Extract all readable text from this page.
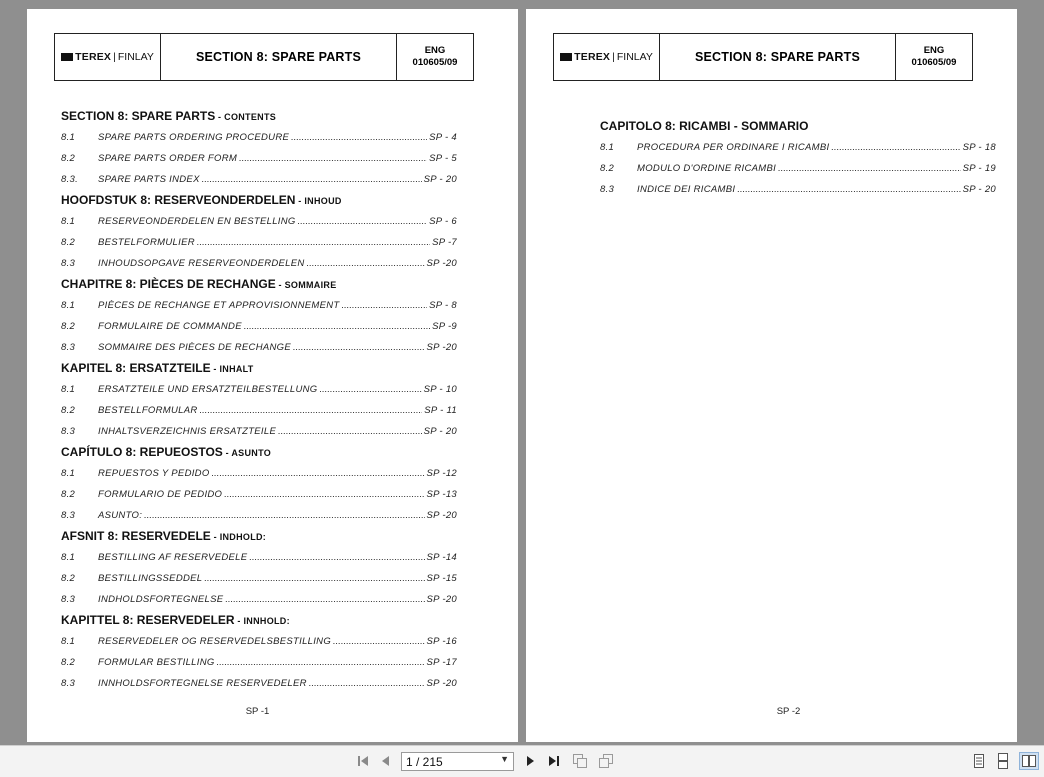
TEREX | FINLAY	SECTION 8: SPARE PARTS	ENG
010605/09
SECTION 8: SPARE PARTS - CONTENTS
8.1	SPARE PARTS ORDERING PROCEDURE .....	SP - 4
8.2	SPARE PARTS ORDER FORM .....	SP - 5
8.3.	SPARE PARTS INDEX .....	SP - 20
HOOFDSTUK 8: RESERVEONDERDELEN - INHOUD
8.1	RESERVEONDERDELEN EN BESTELLING .....	SP - 6
8.2	BESTELFORMULIER .....	SP -7
8.3	INHOUDSOPGAVE RESERVEONDERDELEN .....	SP -20
CHAPITRE 8: PIÈCES DE RECHANGE - SOMMAIRE
8.1	PIÈCES DE RECHANGE ET APPROVISIONNEMENT .....	SP - 8
8.2	FORMULAIRE DE COMMANDE .....	SP -9
8.3	SOMMAIRE DES PIÈCES DE RECHANGE .....	SP -20
KAPITEL 8: ERSATZTEILE - INHALT
8.1	ERSATZTEILE UND ERSATZTEILBESTELLUNG .....	SP - 10
8.2	BESTELLFORMULAR .....	SP - 11
8.3	INHALTSVERZEICHNIS ERSATZTEILE .....	SP - 20
CAPÍTULO 8: REPUEOSTOS - ASUNTO
8.1	REPUESTOS Y PEDIDO .....	SP -12
8.2	FORMULARIO DE PEDIDO .....	SP -13
8.3	ASUNTO: .....	SP -20
AFSNIT 8: RESERVEDELE - INDHOLD:
8.1	BESTILLING AF RESERVEDELE .....	SP -14
8.2	BESTILLINGSSEDDEL .....	SP -15
8.3	INDHOLDSFORTEGNELSE .....	SP -20
KAPITTEL 8: RESERVEDELER - INNHOLD:
8.1	RESERVEDELER OG RESERVEDELSBESTILLING .....	SP -16
8.2	FORMULAR BESTILLING .....	SP -17
8.3	INNHOLDSFORTEGNELSE RESERVEDELER .....	SP -20
SP -1
TEREX | FINLAY	SECTION 8: SPARE PARTS	ENG
010605/09
CAPITOLO 8: RICAMBI - SOMMARIO
8.1	PROCEDURA PER ORDINARE I RICAMBI .....	SP - 18
8.2	MODULO D'ORDINE RICAMBI .....	SP - 19
8.3	INDICE DEI RICAMBI .....	SP - 20
SP -2
1 / 215	▼
